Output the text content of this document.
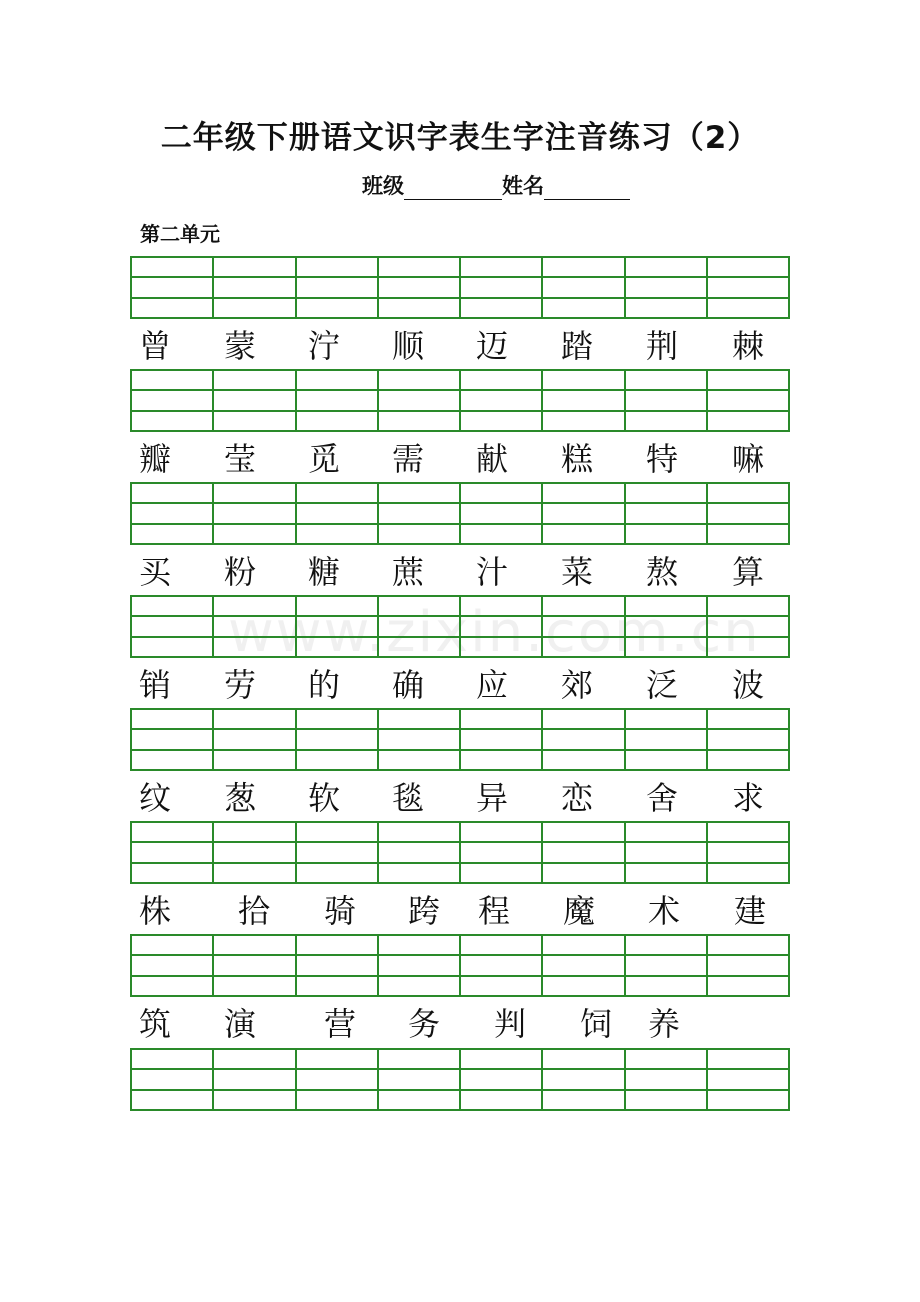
二年级下册语文识字表生字注音练习（2）
班级	姓名
第二单元
www.zixin.com.cn

曾 蒙 泞 顺 迈 踏 荆 棘
瓣 莹 觅 需 献 糕 特 嘛
买 粉 糖 蔗 汁 菜 熬 算
销 劳 的 确 应 郊 泛 波
纹 葱 软 毯 异 恋 舍 求
株 拾 骑 跨 程 魔 术 建
筑 演 营 务 判 饲 养
